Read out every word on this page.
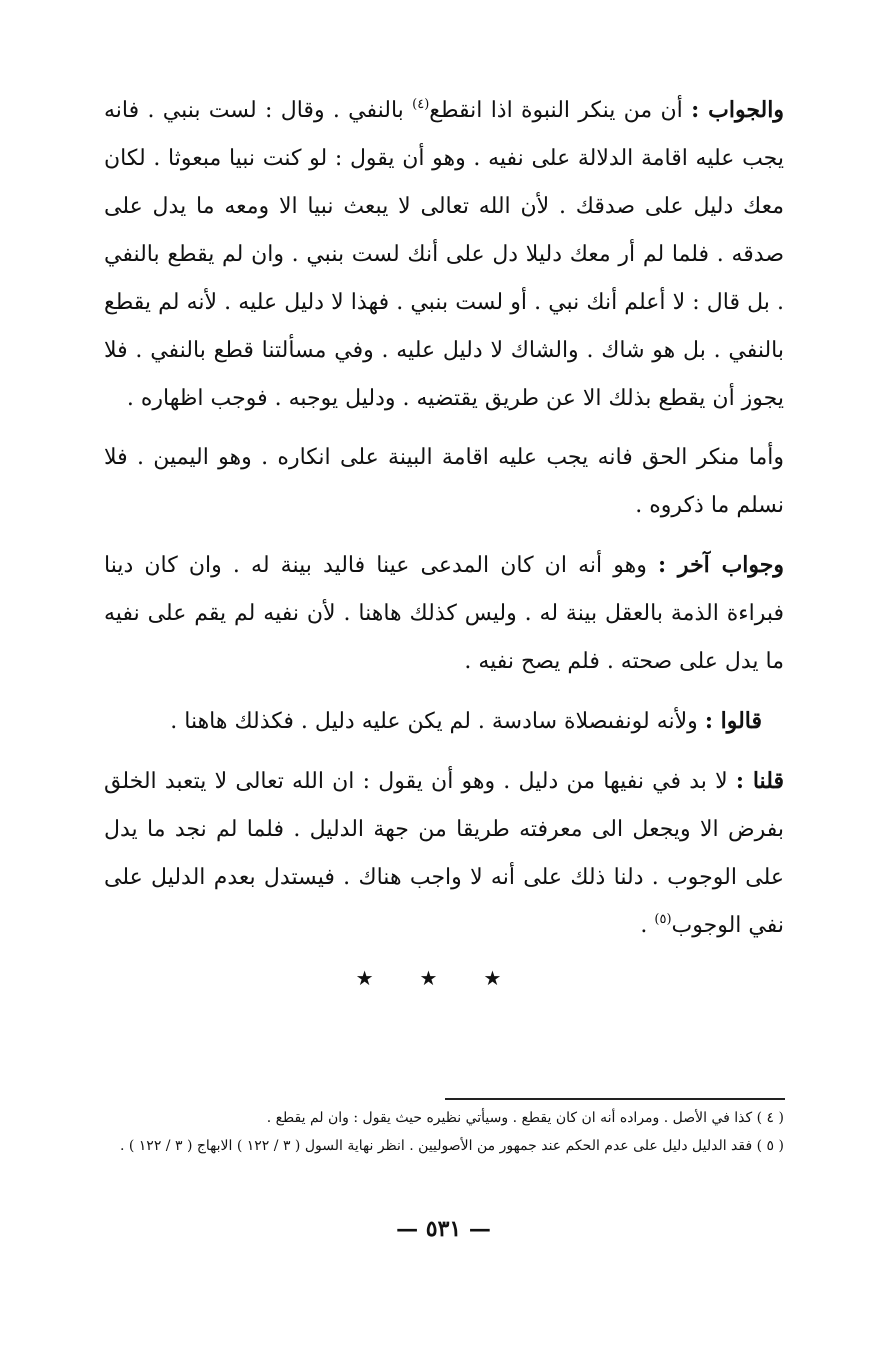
والجواب : أن من ينكر النبوة اذا انقطع$^{(٤)}$ بالنفي . وقال : لست بنبي . فانه يجب عليه اقامة الدلالة على نفيه . وهو أن يقول : لو كنت نبيا مبعوثا . لكان معك دليل على صدقك . لأن الله تعالى لا يبعث نبيا الا ومعه ما يدل على صدقه . فلما لم أر معك دليلا دل على أنك لست بنبي . وان لم يقطع بالنفي . بل قال : لا أعلم أنك نبي . أو لست بنبي . فهذا لا دليل عليه . لأنه لم يقطع بالنفي . بل هو شاك . والشاك لا دليل عليه . وفي مسألتنا قطع بالنفي . فلا يجوز أن يقطع بذلك الا عن طريق يقتضيه . ودليل يوجبه . فوجب اظهاره .

وأما منكر الحق فانه يجب عليه اقامة البينة على انكاره . وهو اليمين . فلا نسلم ما ذكروه .

وجواب آخر : وهو أنه ان كان المدعى عينا فاليد بينة له . وان كان دينا فبراءة الذمة بالعقل بينة له . وليس كذلك هاهنا . لأن نفيه لم يقم على نفيه ما يدل على صحته . فلم يصح نفيه .

قالوا : ولأنه لونفىصلاة سادسة . لم يكن عليه دليل . فكذلك هاهنا .

قلنا : لا بد في نفيها من دليل . وهو أن يقول : ان الله تعالى لا يتعبد الخلق بفرض الا ويجعل الى معرفته طريقا من جهة الدليل . فلما لم نجد ما يدل على الوجوب . دلنا ذلك على أنه لا واجب هناك . فيستدل بعدم الدليل على نفي الوجوب$^{(٥)}$ .

★ ★ ★

( ٤ ) كذا في الأصل . ومراده أنه ان كان يقطع . وسيأتي نظيره حيث يقول : وان لم يقطع .

( ٥ ) فقد الدليل دليل على عدم الحكم عند جمهور من الأصوليين . انظر نهاية السول ( ٣ / ١٢٢ ) الابهاج ( ٣ / ١٢٢ ) .

— ٥٣١ —
